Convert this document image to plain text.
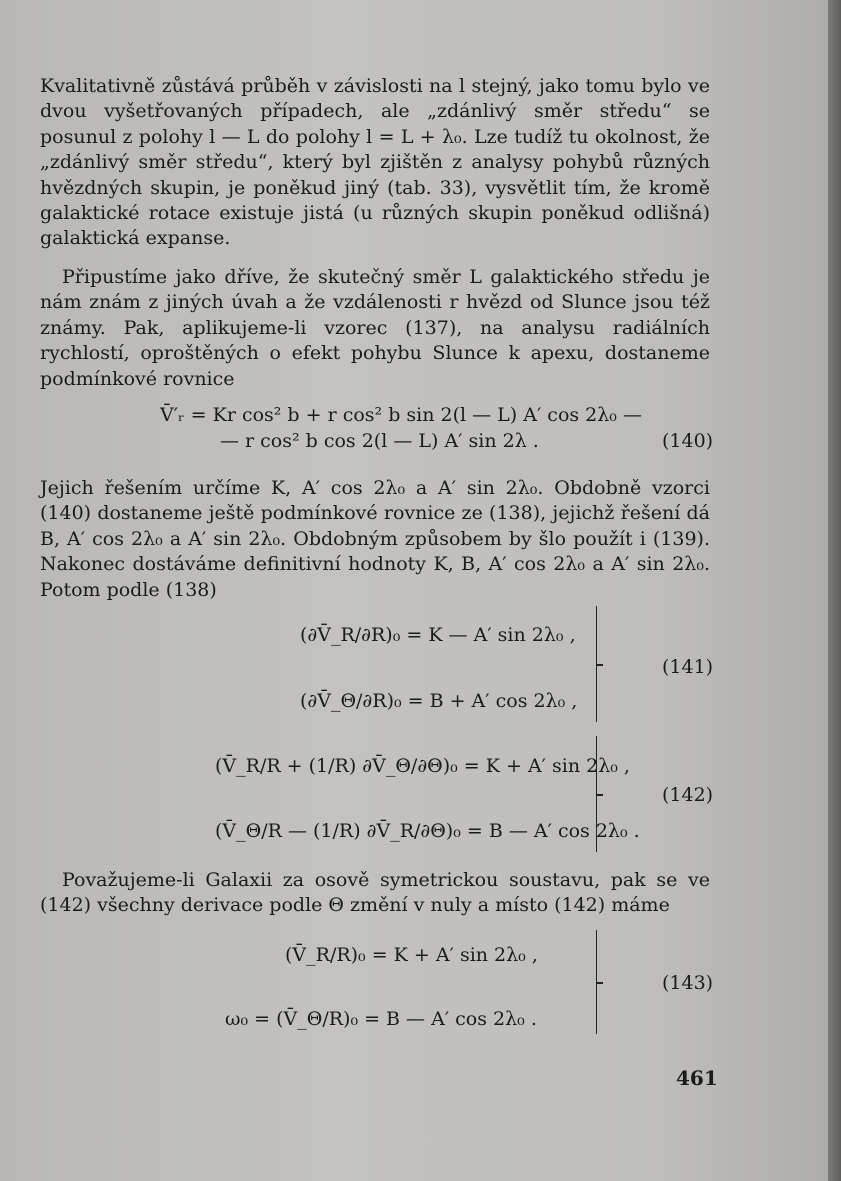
Kvalitativně zůstává průběh v závislosti na l stejný, jako tomu bylo ve dvou vyšetřovaných případech, ale „zdánlivý směr středu“ se posunul z polohy l — L do polohy l = L + λ₀. Lze tudíž tu okolnost, že „zdánlivý směr středu“, který byl zjištěn z analysy pohybů různých hvězdných skupin, je poněkud jiný (tab. 33), vysvětlit tím, že kromě galaktické rotace existuje jistá (u různých skupin poněkud odlišná) galaktická expanse.

Připustíme jako dříve, že skutečný směr L galaktického středu je nám znám z jiných úvah a že vzdálenosti r hvězd od Slunce jsou též známy. Pak, aplikujeme-li vzorec (137), na analysu radiálních rychlostí, oproštěných o efekt pohybu Slunce k apexu, dostaneme podmínkové rovnice

V̄′ᵣ = Kr cos² b + r cos² b sin 2(l — L) A′ cos 2λ₀ —
— r cos² b cos 2(l — L) A′ sin 2λ .	(140)

Jejich řešením určíme K, A′ cos 2λ₀ a A′ sin 2λ₀. Obdobně vzorci (140) dostaneme ještě podmínkové rovnice ze (138), jejichž řešení dá B, A′ cos 2λ₀ a A′ sin 2λ₀. Obdobným způsobem by šlo použít i (139). Nakonec dostáváme definitivní hodnoty K, B, A′ cos 2λ₀ a A′ sin 2λ₀. Potom podle (138)

(∂V̄_R/∂R)₀ = K — A′ sin 2λ₀ ,
(∂V̄_Θ/∂R)₀ = B + A′ cos 2λ₀ ,
(141)
(V̄_R/R + (1/R) ∂V̄_Θ/∂Θ)₀ = K + A′ sin 2λ₀ ,
(V̄_Θ/R — (1/R) ∂V̄_R/∂Θ)₀ = B — A′ cos 2λ₀ .
(142)

Považujeme-li Galaxii za osově symetrickou soustavu, pak se ve (142) všechny derivace podle Θ změní v nuly a místo (142) máme

(V̄_R/R)₀ = K + A′ sin 2λ₀ ,
ω₀ = (V̄_Θ/R)₀ = B — A′ cos 2λ₀ .
(143)
461
